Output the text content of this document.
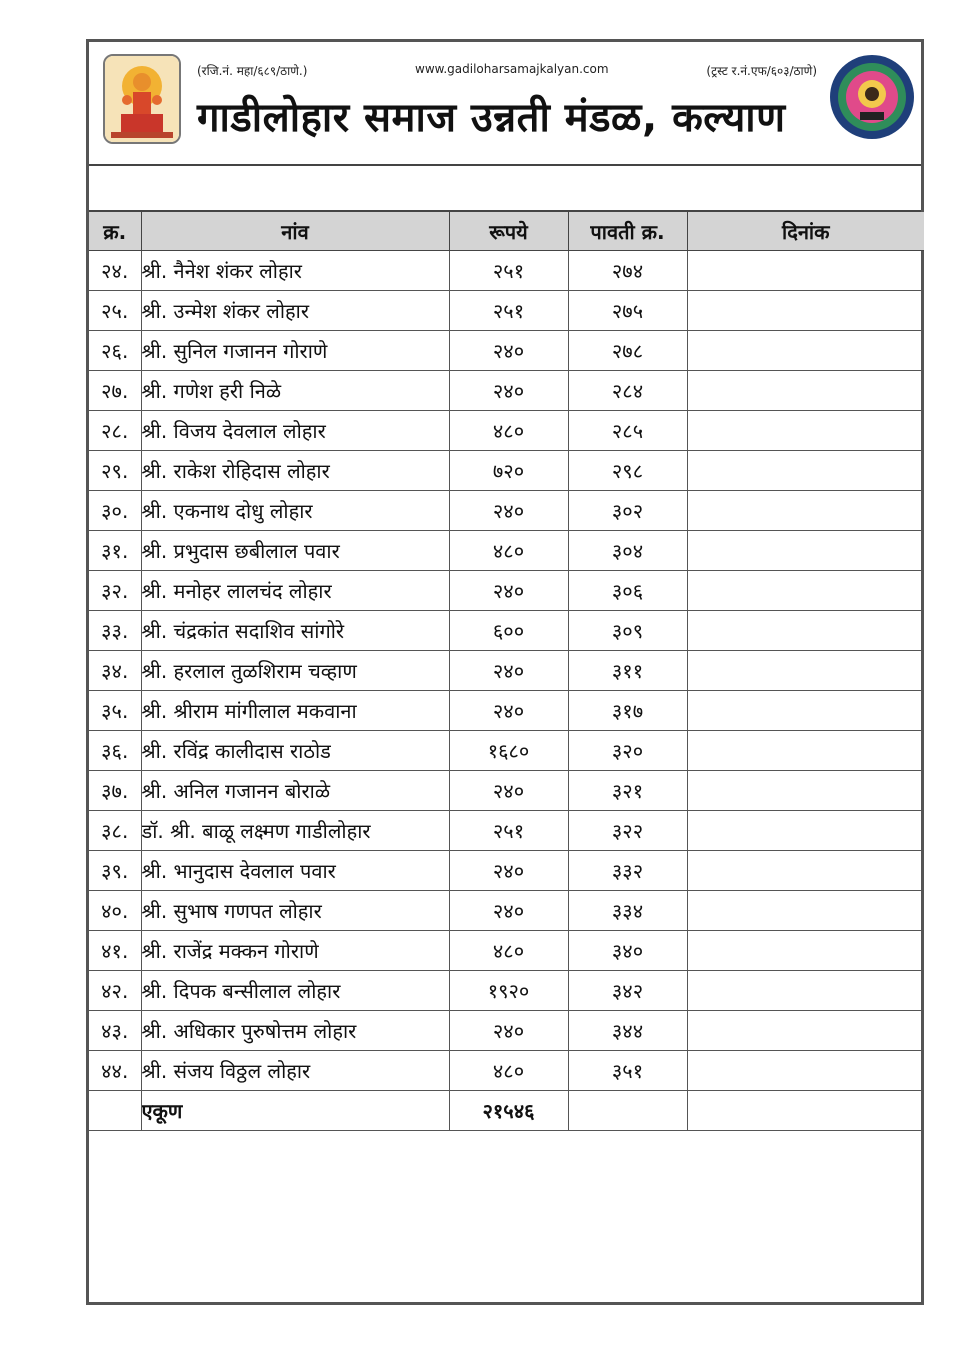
(रजि.नं. महा/६८९/ठाणे.)	www.gadiloharsamajkalyan.com	(ट्रस्ट र.नं.एफ/६०३/ठाणे)
गाडीलोहार समाज उन्नती मंडळ, कल्याण
क्र.	नांव	रूपये	पावती क्र.	दिनांक
२४.	श्री. नैनेश शंकर लोहार	२५१	२७४	
२५.	श्री. उन्मेश शंकर लोहार	२५१	२७५	
२६.	श्री. सुनिल गजानन गोराणे	२४०	२७८	
२७.	श्री. गणेश हरी निळे	२४०	२८४	
२८.	श्री. विजय देवलाल लोहार	४८०	२८५	
२९.	श्री. राकेश रोहिदास लोहार	७२०	२९८	
३०.	श्री. एकनाथ दोधु लोहार	२४०	३०२	
३१.	श्री. प्रभुदास छबीलाल पवार	४८०	३०४	
३२.	श्री. मनोहर लालचंद लोहार	२४०	३०६	
३३.	श्री. चंद्रकांत सदाशिव सांगोरे	६००	३०९	
३४.	श्री. हरलाल तुळशिराम चव्हाण	२४०	३११	
३५.	श्री. श्रीराम मांगीलाल मकवाना	२४०	३१७	
३६.	श्री. रविंद्र कालीदास राठोड	१६८०	३२०	
३७.	श्री. अनिल गजानन बोराळे	२४०	३२१	
३८.	डॉ. श्री. बाळू लक्ष्मण गाडीलोहार	२५१	३२२	
३९.	श्री. भानुदास देवलाल पवार	२४०	३३२	
४०.	श्री. सुभाष गणपत लोहार	२४०	३३४	
४१.	श्री. राजेंद्र मक्कन गोराणे	४८०	३४०	
४२.	श्री. दिपक बन्सीलाल लोहार	१९२०	३४२	
४३.	श्री. अधिकार पुरुषोत्तम लोहार	२४०	३४४	
४४.	श्री. संजय विठ्ठल लोहार	४८०	३५१	
	एकूण	२१५४६		
